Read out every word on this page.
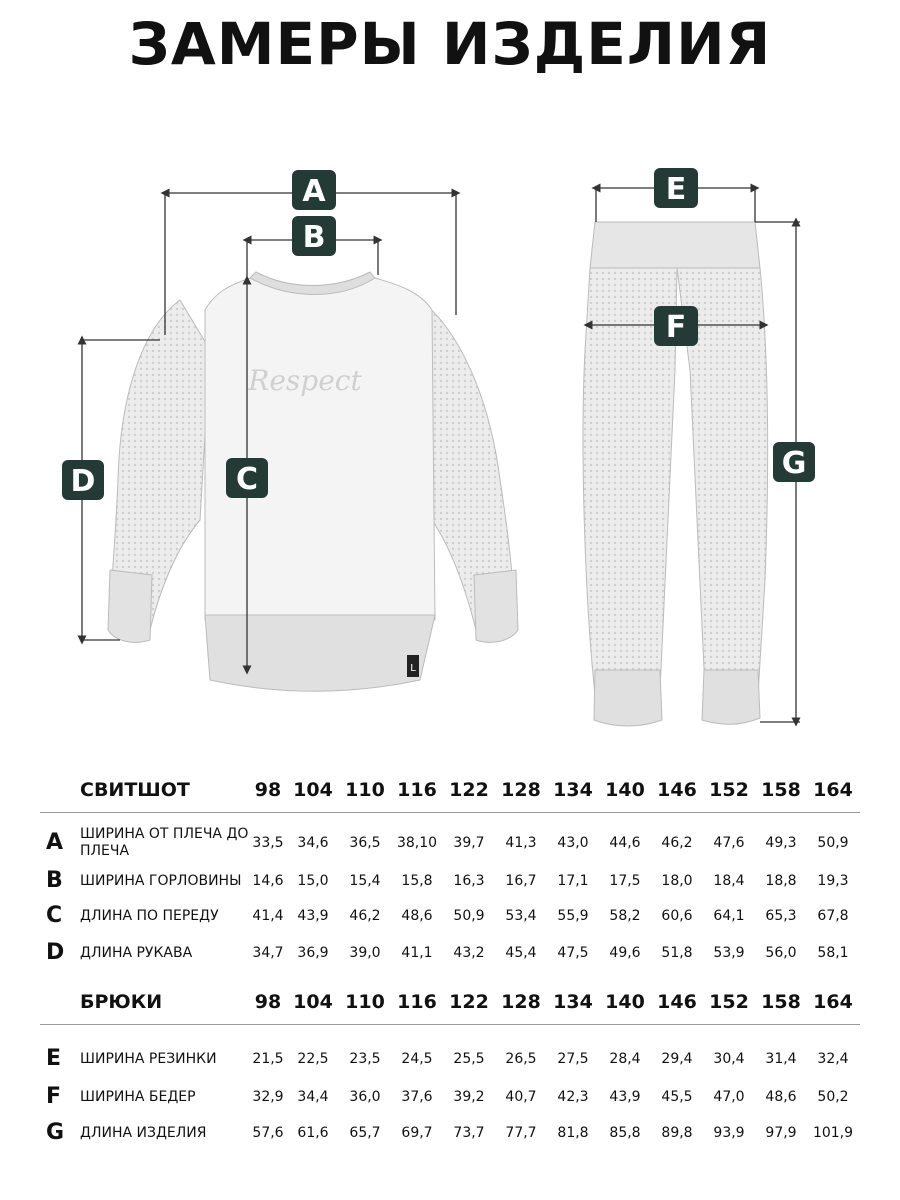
ЗАМЕРЫ ИЗДЕЛИЯ
L
Respect
A
B
C
D
E
F
G
СВИТШОТ	98 104 110 116 122 128 134 140 146 152 158 164
A	ШИРИНА ОТ ПЛЕЧА ДО ПЛЕЧА	33,5 34,6	36,5	38,10	39,7	41,3	43,0	44,6	46,2	47,6	49,3	50,9
B	ШИРИНА ГОРЛОВИНЫ 14,6 15,0	15,4	15,8	16,3	16,7	17,1	17,5	18,0	18,4	18,8	19,3
C	ДЛИНА ПО ПЕРЕДУ	41,4 43,9	46,2	48,6	50,9	53,4	55,9	58,2	60,6	64,1	65,3	67,8
D	ДЛИНА РУКАВА	34,7 36,9	39,0	41,1	43,2	45,4	47,5	49,6	51,8	53,9	56,0	58,1
БРЮКИ	98 104 110 116 122 128 134 140 146 152 158 164
E	ШИРИНА РЕЗИНКИ	21,5 22,5	23,5	24,5	25,5	26,5	27,5	28,4	29,4	30,4	31,4	32,4
F	ШИРИНА БЕДЕР	32,9 34,4	36,0	37,6	39,2	40,7	42,3	43,9	45,5	47,0	48,6	50,2
G	ДЛИНА ИЗДЕЛИЯ	57,6 61,6	65,7	69,7	73,7	77,7	81,8	85,8	89,8	93,9	97,9	101,9
